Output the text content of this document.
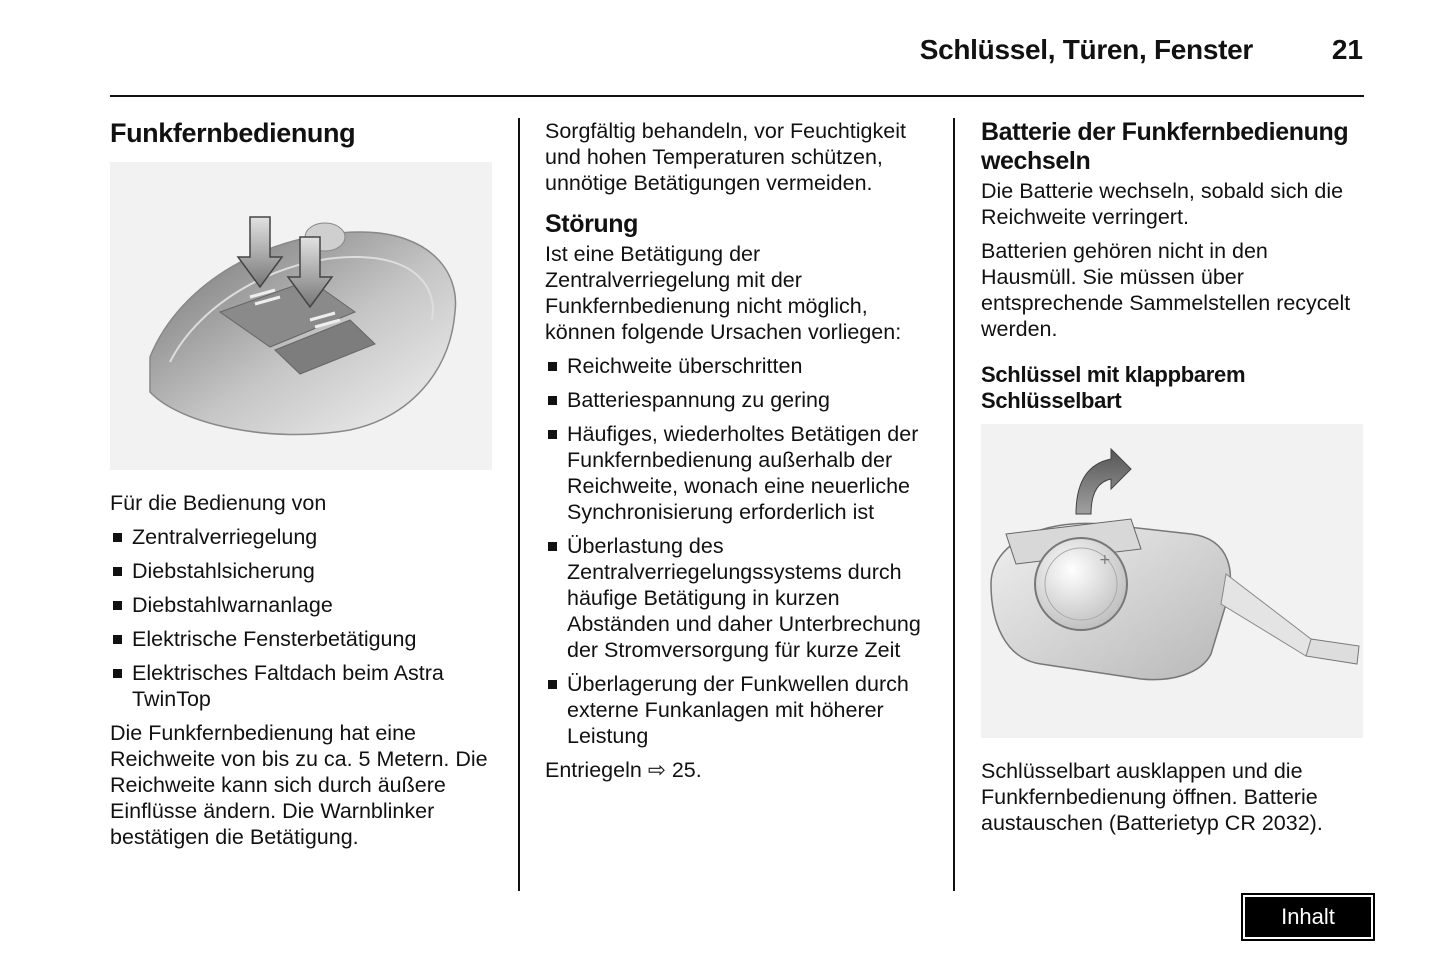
Schlüssel, Türen, Fenster	21
Funkfernbedienung

Für die Bedienung von

Zentralverriegelung
Diebstahlsicherung
Diebstahlwarnanlage
Elektrische Fensterbetätigung
Elektrisches Faltdach beim Astra TwinTop

Die Funkfernbedienung hat eine Reichweite von bis zu ca. 5 Metern. Die Reichweite kann sich durch äußere Einflüsse ändern. Die Warnblinker bestätigen die Betätigung.

Sorgfältig behandeln, vor Feuchtigkeit und hohen Temperaturen schützen, unnötige Betätigungen vermeiden.

Störung

Ist eine Betätigung der Zentralverriegelung mit der Funkfernbedienung nicht möglich, können folgende Ursachen vorliegen:

Reichweite überschritten
Batteriespannung zu gering
Häufiges, wiederholtes Betätigen der Funkfernbedienung außerhalb der Reichweite, wonach eine neuerliche Synchronisierung erforderlich ist
Überlastung des Zentralverriegelungssystems durch häufige Betätigung in kurzen Abständen und daher Unterbrechung der Stromversorgung für kurze Zeit
Überlagerung der Funkwellen durch externe Funkanlagen mit höherer Leistung

Entriegeln ⇨ 25.

Batterie der Funkfernbedienung wechseln

Die Batterie wechseln, sobald sich die Reichweite verringert.

Batterien gehören nicht in den Hausmüll. Sie müssen über entsprechende Sammelstellen recycelt werden.

Schlüssel mit klappbarem Schlüsselbart
+

Schlüsselbart ausklappen und die Funkfernbedienung öffnen. Batterie austauschen (Batterietyp CR 2032).

Inhalt
